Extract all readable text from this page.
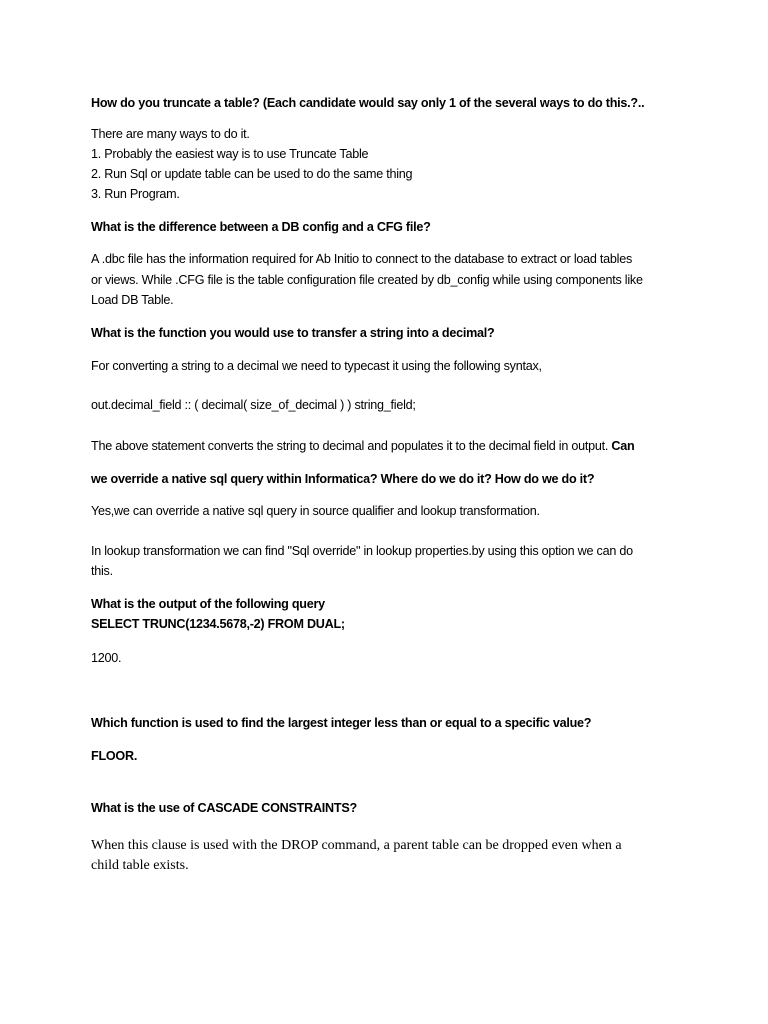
How do you truncate a table? (Each candidate would say only 1 of the several ways to do this.?..
There are many ways to do it.
1. Probably the easiest way is to use Truncate Table
2. Run Sql or update table can be used to do the same thing
3. Run Program.
What is the difference between a DB config and a CFG file?
A .dbc file has the information required for Ab Initio to connect to the database to extract or load tables
or views. While .CFG file is the table configuration file created by db_config while using components like
Load DB Table.
What is the function you would use to transfer a string into a decimal?
For converting a string to a decimal we need to typecast it using the following syntax,
out.decimal_field :: ( decimal( size_of_decimal ) ) string_field;
The above statement converts the string to decimal and populates it to the decimal field in output. Can
we override a native sql query within Informatica? Where do we do it? How do we do it?
Yes,we can override a native sql query in source qualifier and lookup transformation.
In lookup transformation we can find "Sql override" in lookup properties.by using this option we can do
this.
What is the output of the following query
SELECT TRUNC(1234.5678,-2) FROM DUAL;
1200.
Which function is used to find the largest integer less than or equal to a specific value?
FLOOR.
What is the use of CASCADE CONSTRAINTS?
When this clause is used with the DROP command, a parent table can be dropped even when a
child table exists.
